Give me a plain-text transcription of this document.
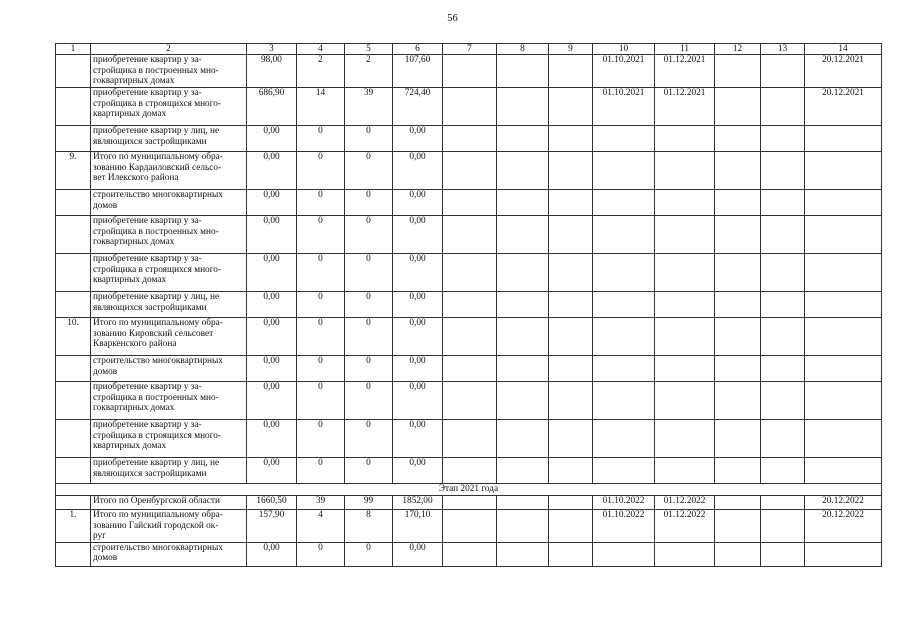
56
1	2	3	4	5	6	7	8	9	10	11	12	13	14
	приобретение квартир у за-
стройщика в построенных мно-
гоквартирных домах	98,00	2	2	107,60				01.10.2021	01.12.2021			20.12.2021
	приобретение квартир у за-
стройщика в строящихся много-
квартирных домах	686,90	14	39	724,40				01.10.2021	01.12.2021			20.12.2021
	приобретение квартир у лиц, не
являющихся застройщиками	0,00	0	0	0,00								
9.	Итого по муниципальному обра-
зованию Кардаиловский сельсо-
вет Илекского района	0,00	0	0	0,00								
	строительство многоквартирных
домов	0,00	0	0	0,00								
	приобретение квартир у за-
стройщика в построенных мно-
гоквартирных домах	0,00	0	0	0,00								
	приобретение квартир у за-
стройщика в строящихся много-
квартирных домах	0,00	0	0	0,00								
	приобретение квартир у лиц, не
являющихся застройщиками	0,00	0	0	0,00								
10.	Итого по муниципальному обра-
зованию Кировский сельсовет
Кваркенского района	0,00	0	0	0,00								
	строительство многоквартирных
домов	0,00	0	0	0,00								
	приобретение квартир у за-
стройщика в построенных мно-
гоквартирных домах	0,00	0	0	0,00								
	приобретение квартир у за-
стройщика в строящихся много-
квартирных домах	0,00	0	0	0,00								
	приобретение квартир у лиц, не
являющихся застройщиками	0,00	0	0	0,00								
Этап 2021 года													
	Итого по Оренбургской области	1660,50	39	99	1852,00				01.10.2022	01.12.2022			20.12.2022
1.	Итого по муниципальному обра-
зованию Гайский городской ок-
руг	157,90	4	8	170,10				01.10.2022	01.12.2022			20.12.2022
	строительство многоквартирных
домов	0,00	0	0	0,00								
